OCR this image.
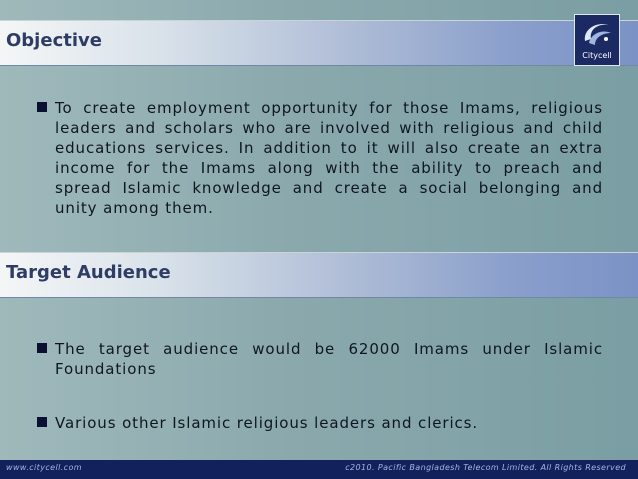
Objective
Citycell
To create employment opportunity for those Imams, religious leaders and scholars who are involved with religious and child educations services. In addition to it will also create an extra income for the Imams along with the ability to preach and spread Islamic knowledge and create a social belonging and unity among them.
Target Audience
The target audience would be 62000 Imams under Islamic Foundations
Various other Islamic religious leaders and clerics.
www.citycell.com	c2010. Pacific Bangladesh Telecom Limited. All Rights Reserved
